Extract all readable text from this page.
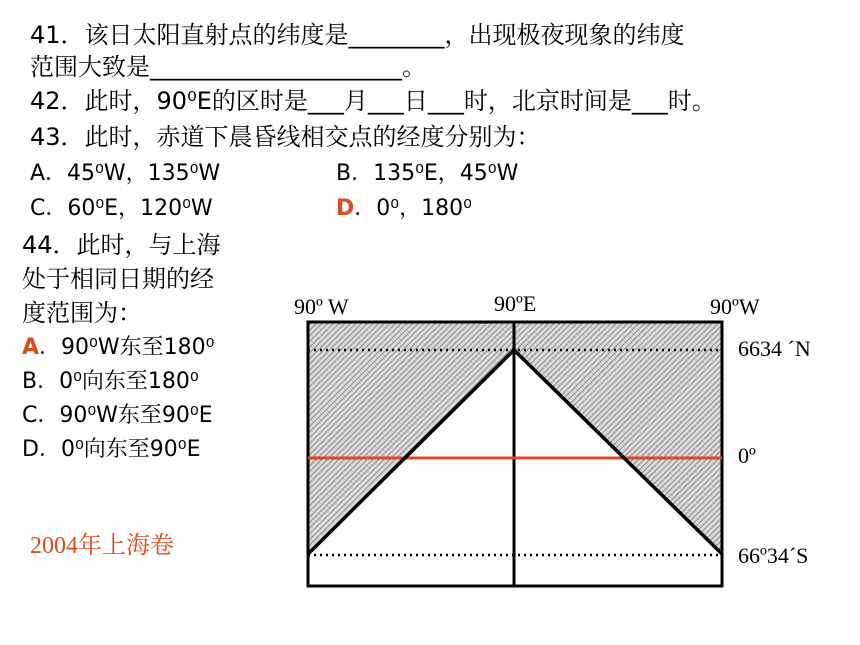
41．该日太阳直射点的纬度是________，出现极夜现象的纬度
范围大致是_____________________。
42．此时，90⁰E的区时是___月___日___时，北京时间是___时。
43．此时，赤道下晨昏线相交点的经度分别为：
A．45⁰W，135⁰W	B．135⁰E，45⁰W
C．60⁰E，120⁰W	D．0⁰，180⁰
44．此时，与上海
处于相同日期的经
度范围为：
A．90⁰W东至180⁰
B．0⁰向东至180⁰
C．90⁰W东至90⁰E
D．0⁰向东至90⁰E
2004年上海卷
90º W	90ºE	90ºW
6634 ´N
0º
66º34´S
